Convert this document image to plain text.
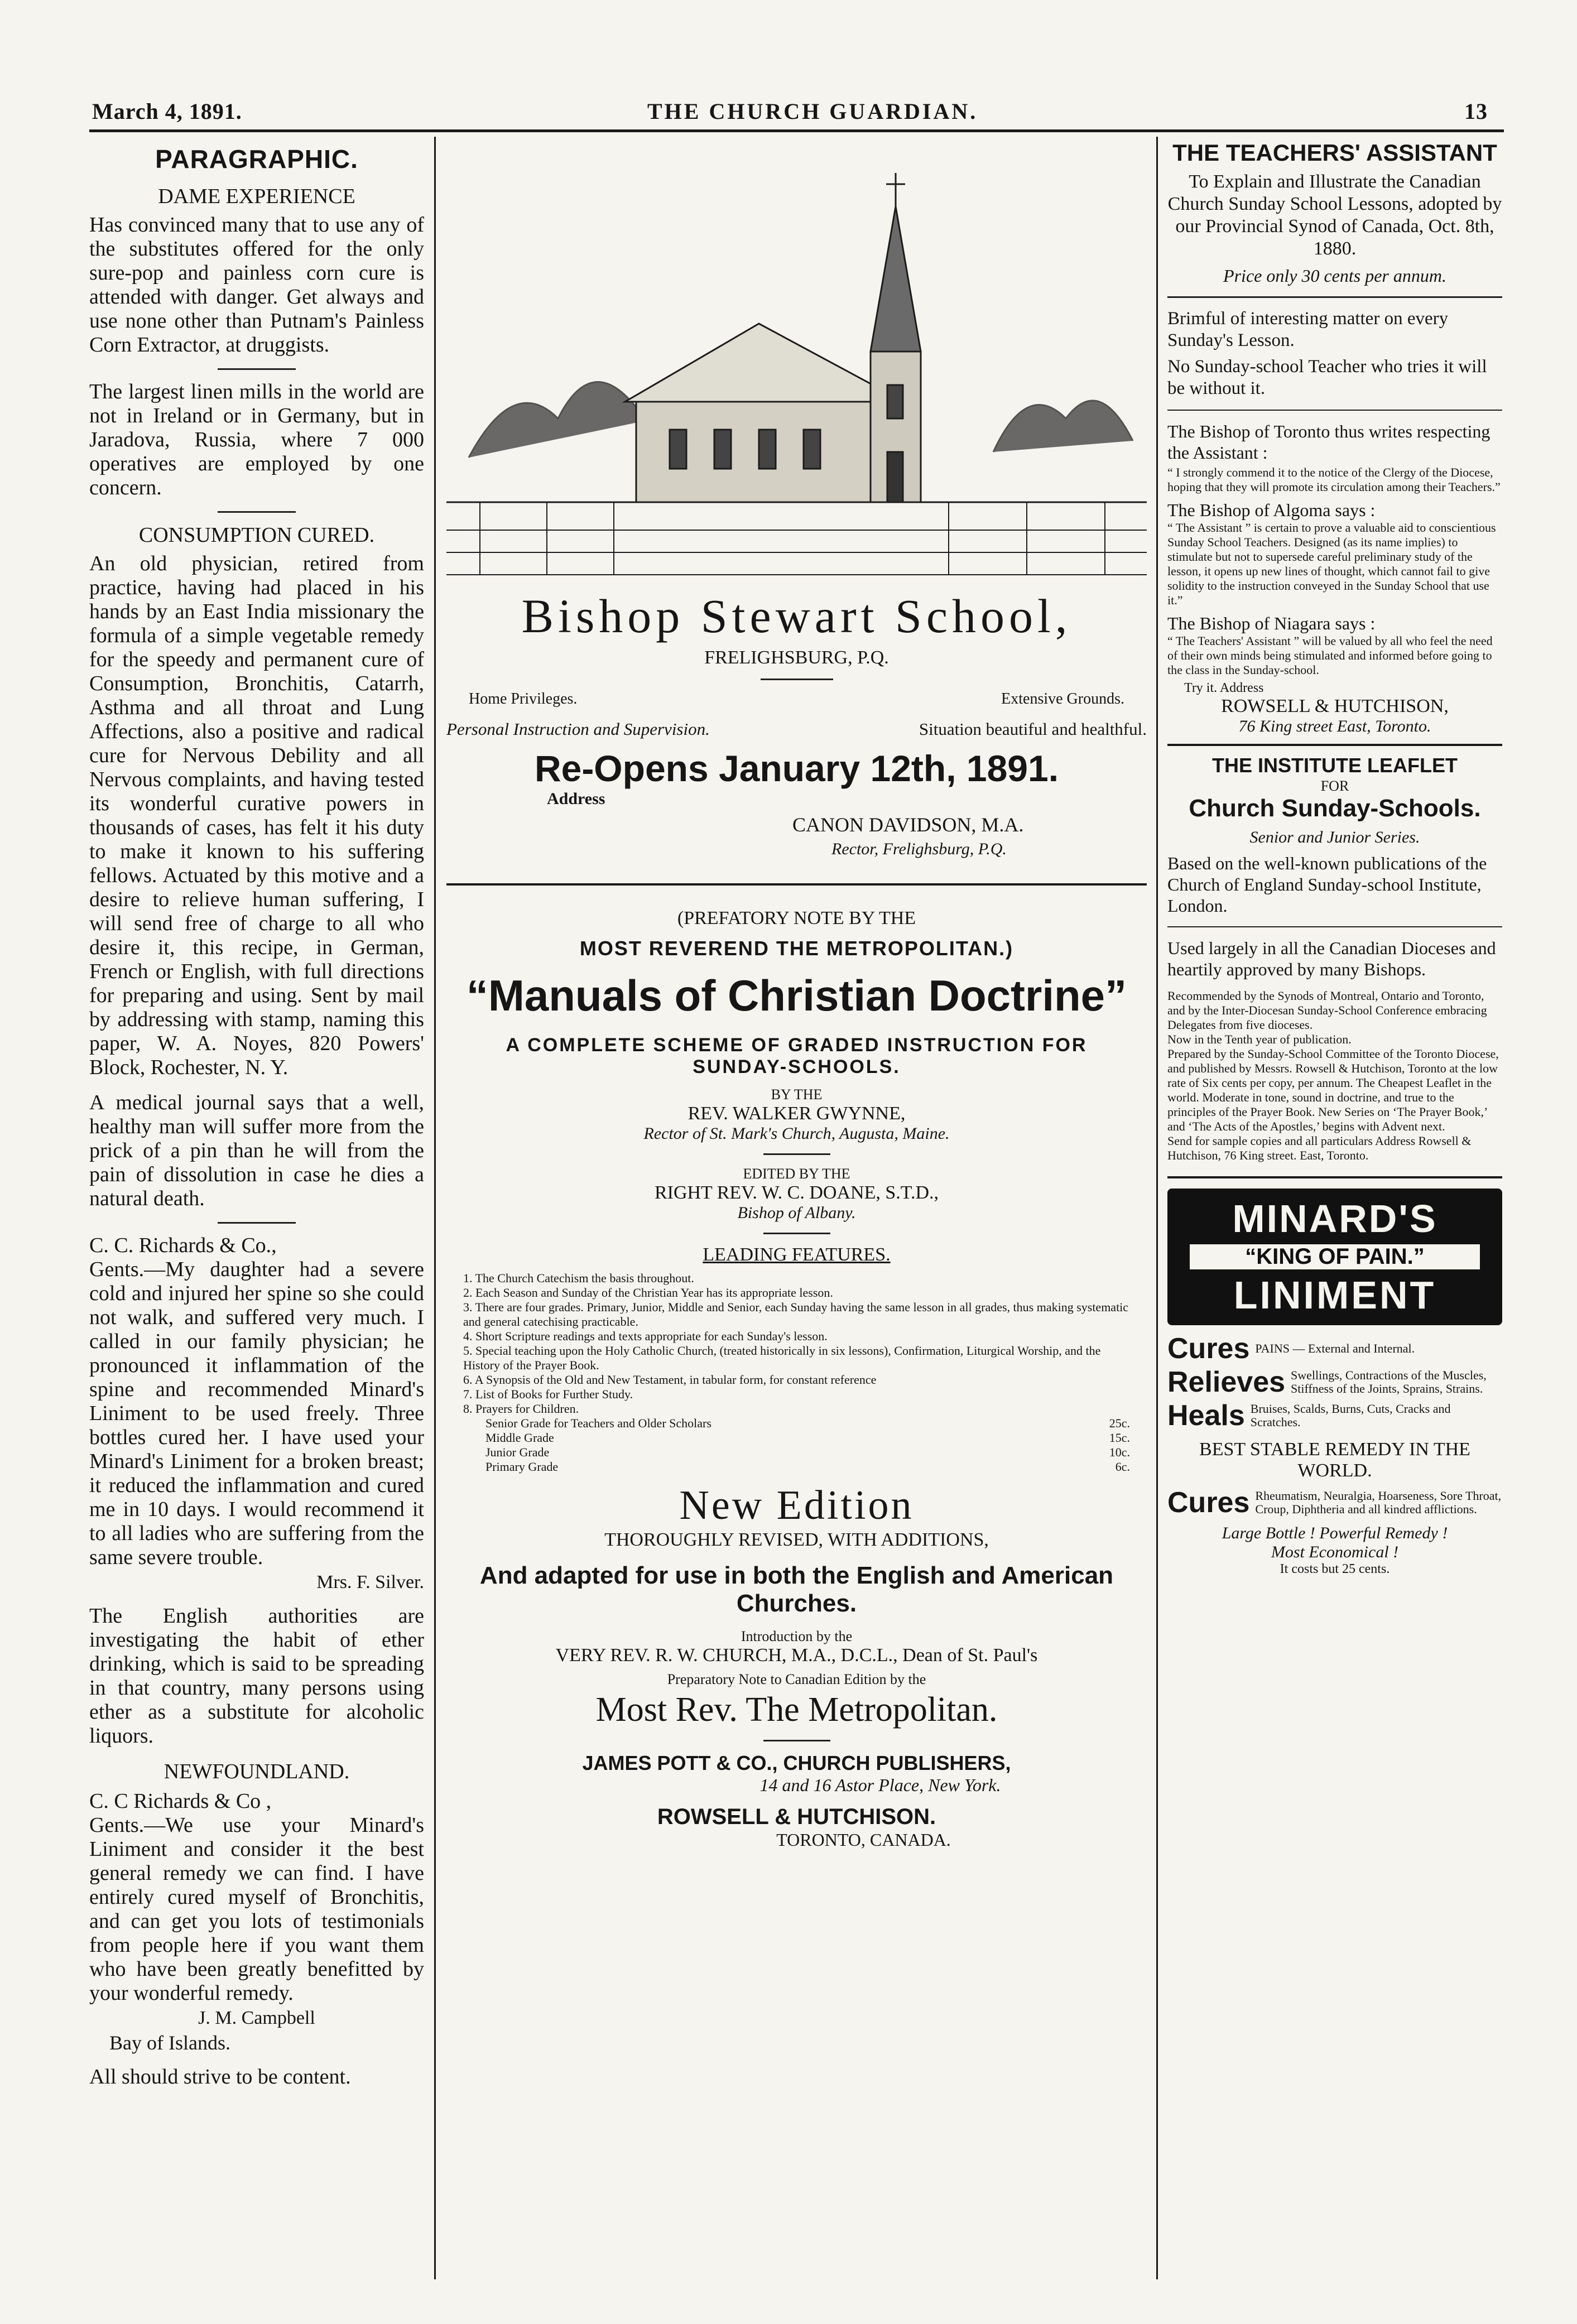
March 4, 1891.	THE CHURCH GUARDIAN.	13
PARAGRAPHIC.
DAME EXPERIENCE

Has convinced many that to use any of the substitutes offered for the only sure-pop and painless corn cure is attended with danger. Get always and use none other than Putnam's Painless Corn Extractor, at druggists.

The largest linen mills in the world are not in Ireland or in Germany, but in Jaradova, Russia, where 7 000 operatives are employed by one concern.

CONSUMPTION CURED.

An old physician, retired from practice, having had placed in his hands by an East India missionary the formula of a simple vegetable remedy for the speedy and permanent cure of Consumption, Bronchitis, Catarrh, Asthma and all throat and Lung Affections, also a positive and radical cure for Nervous Debility and all Nervous complaints, and having tested its wonderful curative powers in thousands of cases, has felt it his duty to make it known to his suffering fellows. Actuated by this motive and a desire to relieve human suffering, I will send free of charge to all who desire it, this recipe, in German, French or English, with full directions for preparing and using. Sent by mail by addressing with stamp, naming this paper, W. A. Noyes, 820 Powers' Block, Rochester, N. Y.

A medical journal says that a well, healthy man will suffer more from the prick of a pin than he will from the pain of dissolution in case he dies a natural death.

C. C. Richards & Co.,

Gents.—My daughter had a severe cold and injured her spine so she could not walk, and suffered very much. I called in our family physician; he pronounced it inflammation of the spine and recommended Minard's Liniment to be used freely. Three bottles cured her. I have used your Minard's Liniment for a broken breast; it reduced the inflammation and cured me in 10 days. I would recommend it to all ladies who are suffering from the same severe trouble.

Mrs. F. Silver.

The English authorities are investigating the habit of ether drinking, which is said to be spreading in that country, many persons using ether as a substitute for alcoholic liquors.

NEWFOUNDLAND.
C. C Richards & Co ,

Gents.—We use your Minard's Liniment and consider it the best general remedy we can find. I have entirely cured myself of Bronchitis, and can get you lots of testimonials from people here if you want them who have been greatly benefitted by your wonderful remedy.

J. M. Campbell
Bay of Islands.
All should strive to be content.
Bishop Stewart School,
FRELIGHSBURG, P.Q.
Home Privileges.	Extensive Grounds.
Personal Instruction and Supervision.	Situation beautiful and healthful.
Re-Opens January 12th, 1891.
Address
CANON DAVIDSON, M.A.
Rector, Frelighsburg, P.Q.
(PREFATORY NOTE BY THE
MOST REVEREND THE METROPOLITAN.)
“Manuals of Christian Doctrine”
A COMPLETE SCHEME OF GRADED INSTRUCTION FOR SUNDAY-SCHOOLS.
BY THE
REV. WALKER GWYNNE,
Rector of St. Mark's Church, Augusta, Maine.
EDITED BY THE
RIGHT REV. W. C. DOANE, S.T.D.,
Bishop of Albany.
LEADING FEATURES.
1. The Church Catechism the basis throughout.
2. Each Season and Sunday of the Christian Year has its appropriate lesson.
3. There are four grades. Primary, Junior, Middle and Senior, each Sunday having the same lesson in all grades, thus making systematic and general catechising practicable.
4. Short Scripture readings and texts appropriate for each Sunday's lesson.
5. Special teaching upon the Holy Catholic Church, (treated historically in six lessons), Confirmation, Liturgical Worship, and the History of the Prayer Book.
6. A Synopsis of the Old and New Testament, in tabular form, for constant reference
7. List of Books for Further Study.
8. Prayers for Children.
Senior Grade for Teachers and Older Scholars	25c.
Middle Grade	15c.
Junior Grade	10c.
Primary Grade	6c.
New Edition
THOROUGHLY REVISED, WITH ADDITIONS,
And adapted for use in both the English and American Churches.
Introduction by the
VERY REV. R. W. CHURCH, M.A., D.C.L., Dean of St. Paul's
Preparatory Note to Canadian Edition by the
Most Rev. The Metropolitan.
JAMES POTT & CO., CHURCH PUBLISHERS,
14 and 16 Astor Place, New York.
ROWSELL & HUTCHISON.
TORONTO, CANADA.
THE TEACHERS' ASSISTANT
To Explain and Illustrate the Canadian Church Sunday School Lessons, adopted by our Provincial Synod of Canada, Oct. 8th, 1880.
Price only 30 cents per annum.
Brimful of interesting matter on every Sunday's Lesson.
No Sunday-school Teacher who tries it will be without it.
The Bishop of Toronto thus writes respecting the Assistant :
“ I strongly commend it to the notice of the Clergy of the Diocese, hoping that they will promote its circulation among their Teachers.”
The Bishop of Algoma says :
“ The Assistant ” is certain to prove a valuable aid to conscientious Sunday School Teachers. Designed (as its name implies) to stimulate but not to supersede careful preliminary study of the lesson, it opens up new lines of thought, which cannot fail to give solidity to the instruction conveyed in the Sunday School that use it.”
The Bishop of Niagara says :
“ The Teachers' Assistant ” will be valued by all who feel the need of their own minds being stimulated and informed before going to the class in the Sunday-school.
Try it. Address
ROWSELL & HUTCHISON,
76 King street East, Toronto.
THE INSTITUTE LEAFLET
FOR
Church Sunday-Schools.
Senior and Junior Series.
Based on the well-known publications of the Church of England Sunday-school Institute, London.
Used largely in all the Canadian Dioceses and heartily approved by many Bishops.
Recommended by the Synods of Montreal, Ontario and Toronto, and by the Inter-Diocesan Sunday-School Conference embracing Delegates from five dioceses.
Now in the Tenth year of publication.
Prepared by the Sunday-School Committee of the Toronto Diocese, and published by Messrs. Rowsell & Hutchison, Toronto at the low rate of Six cents per copy, per annum. The Cheapest Leaflet in the world. Moderate in tone, sound in doctrine, and true to the principles of the Prayer Book. New Series on ‘The Prayer Book,’ and ‘The Acts of the Apostles,’ begins with Advent next.
Send for sample copies and all particulars Address Rowsell & Hutchison, 76 King street. East, Toronto.
MINARD'S
“KING OF PAIN.”
LINIMENT
Cures PAINS — External and Internal.
Relieves Swellings, Contractions of the Muscles, Stiffness of the Joints, Sprains, Strains.
Heals Bruises, Scalds, Burns, Cuts, Cracks and Scratches.
BEST STABLE REMEDY IN THE WORLD.
Cures Rheumatism, Neuralgia, Hoarseness, Sore Throat, Croup, Diphtheria and all kindred afflictions.
Large Bottle ! Powerful Remedy !
Most Economical !
It costs but 25 cents.
